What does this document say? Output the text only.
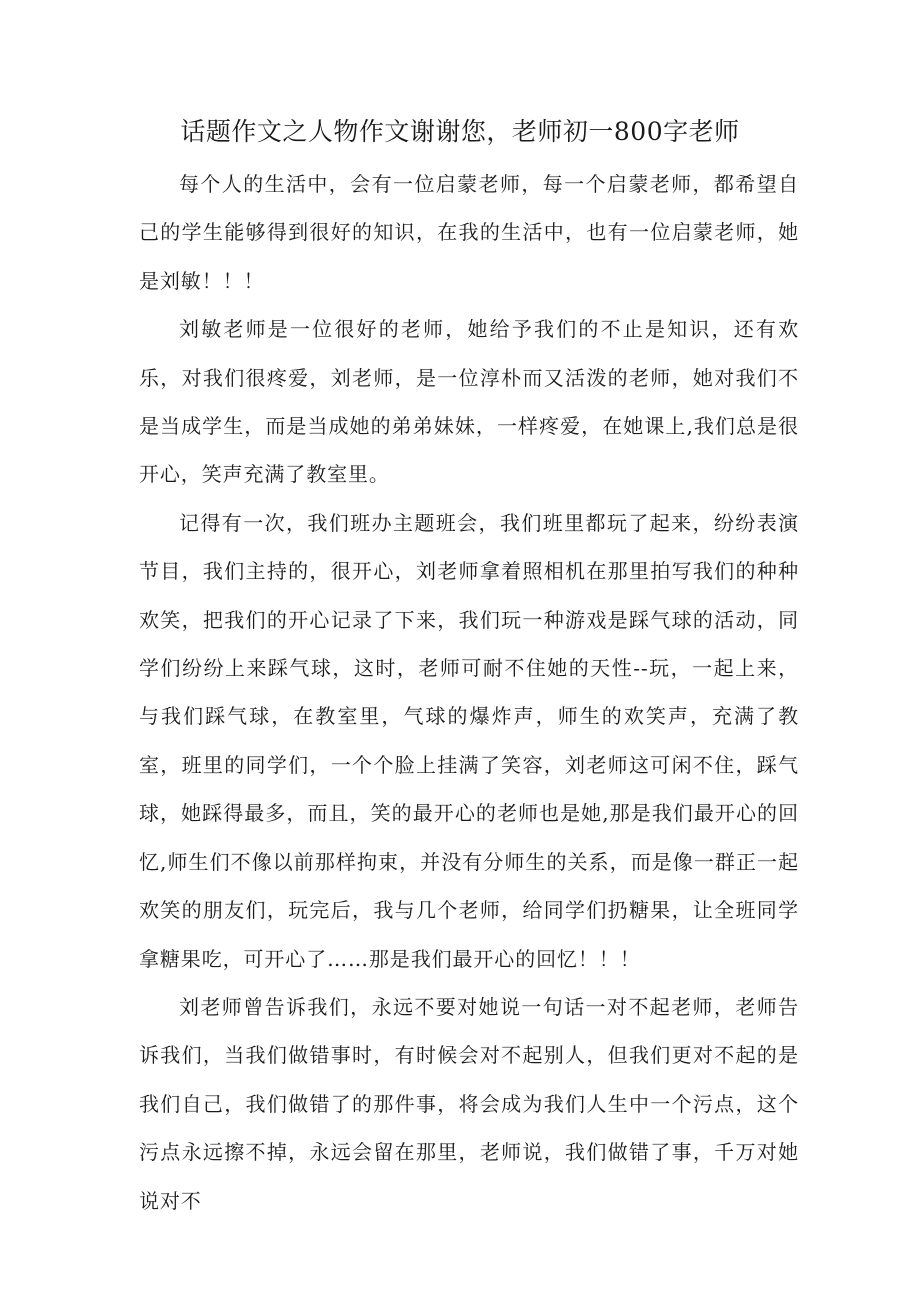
话题作文之人物作文谢谢您，老师初一800字老师

每个人的生活中，会有一位启蒙老师，每一个启蒙老师，都希望自己的学生能够得到很好的知识，在我的生活中，也有一位启蒙老师，她是刘敏！！！

刘敏老师是一位很好的老师，她给予我们的不止是知识，还有欢乐，对我们很疼爱，刘老师，是一位淳朴而又活泼的老师，她对我们不是当成学生，而是当成她的弟弟妹妹，一样疼爱，在她课上,我们总是很开心，笑声充满了教室里。

记得有一次，我们班办主题班会，我们班里都玩了起来，纷纷表演节目，我们主持的，很开心，刘老师拿着照相机在那里拍写我们的种种欢笑，把我们的开心记录了下来，我们玩一种游戏是踩气球的活动，同学们纷纷上来踩气球，这时，老师可耐不住她的天性--玩，一起上来，与我们踩气球，在教室里，气球的爆炸声，师生的欢笑声，充满了教室，班里的同学们，一个个脸上挂满了笑容，刘老师这可闲不住，踩气球，她踩得最多，而且，笑的最开心的老师也是她,那是我们最开心的回忆,师生们不像以前那样拘束，并没有分师生的关系，而是像一群正一起欢笑的朋友们，玩完后，我与几个老师，给同学们扔糖果，让全班同学拿糖果吃，可开心了……那是我们最开心的回忆！！！

刘老师曾告诉我们，永远不要对她说一句话一对不起老师，老师告诉我们，当我们做错事时，有时候会对不起别人，但我们更对不起的是我们自己，我们做错了的那件事，将会成为我们人生中一个污点，这个污点永远擦不掉，永远会留在那里，老师说，我们做错了事，千万对她说对不
